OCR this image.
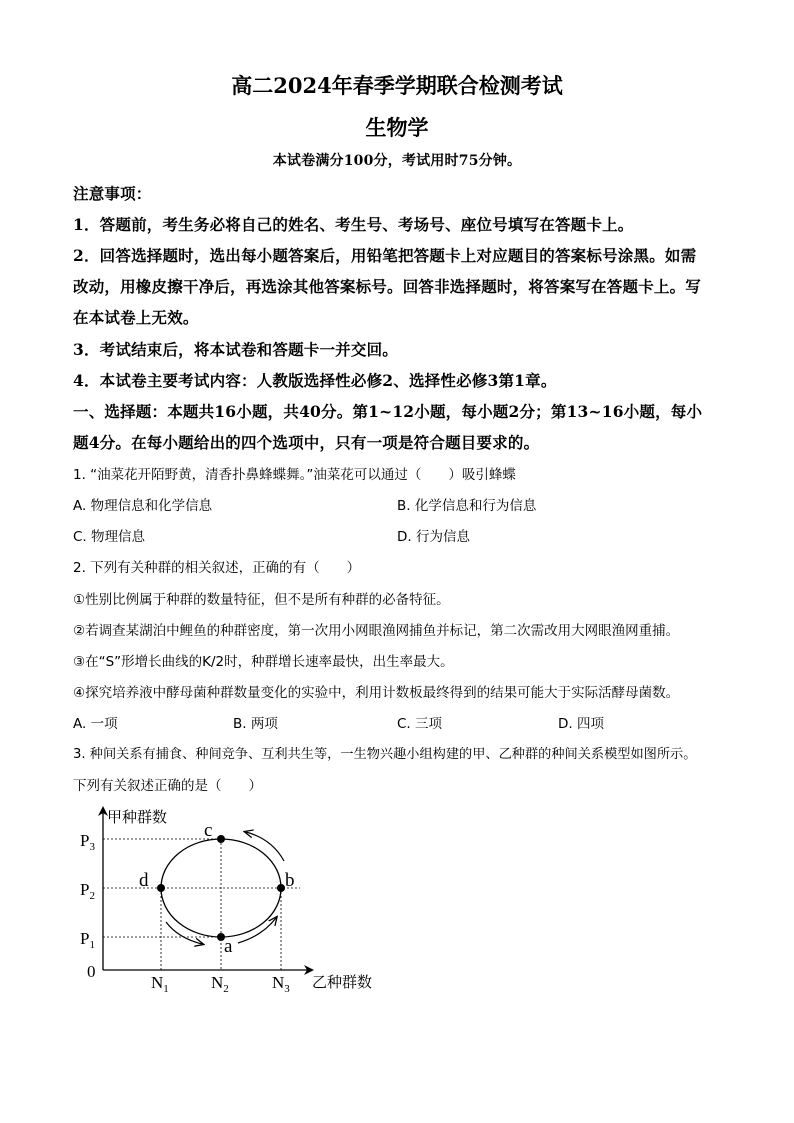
高二2024年春季学期联合检测考试
生物学
本试卷满分100分，考试用时75分钟。
注意事项：
1．答题前，考生务必将自己的姓名、考生号、考场号、座位号填写在答题卡上。
2．回答选择题时，选出每小题答案后，用铅笔把答题卡上对应题目的答案标号涂黑。如需
改动，用橡皮擦干净后，再选涂其他答案标号。回答非选择题时，将答案写在答题卡上。写
在本试卷上无效。
3．考试结束后，将本试卷和答题卡一并交回。
4．本试卷主要考试内容：人教版选择性必修2、选择性必修3第1章。
一、选择题：本题共16小题，共40分。第1~12小题，每小题2分；第13~16小题，每小
题4分。在每小题给出的四个选项中，只有一项是符合题目要求的。
1. “油菜花开陌野黄，清香扑鼻蜂蝶舞。”油菜花可以通过（　　）吸引蜂蝶
A. 物理信息和化学信息	B. 化学信息和行为信息
C. 物理信息	D. 行为信息
2. 下列有关种群的相关叙述，正确的有（　　）
①性别比例属于种群的数量特征，但不是所有种群的必备特征。
②若调查某湖泊中鲤鱼的种群密度，第一次用小网眼渔网捕鱼并标记，第二次需改用大网眼渔网重捕。
③在“S”形增长曲线的K/2时，种群增长速率最快，出生率最大。
④探究培养液中酵母菌种群数量变化的实验中，利用计数板最终得到的结果可能大于实际活酵母菌数。
A. 一项	B. 两项	C. 三项	D. 四项
3. 种间关系有捕食、种间竞争、互利共生等，一生物兴趣小组构建的甲、乙种群的种间关系模型如图所示。
下列有关叙述正确的是（　　）
甲种群数
乙种群数
0
$P_3$
$P_2$
$P_1$
$N_1$ $N_2$	$N_3$
c
b
a
d
